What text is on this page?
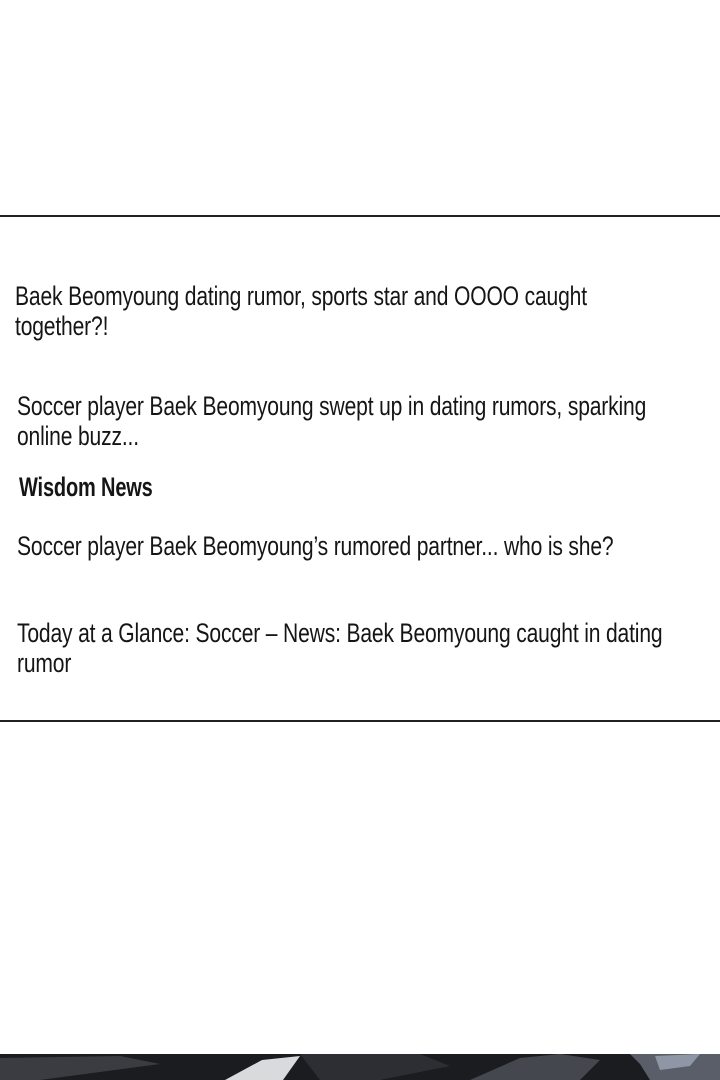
Baek Beomyoung dating rumor, sports star and OOOO caught together?!

Soccer player Baek Beomyoung swept up in dating rumors, sparking online buzz...

Wisdom News

Soccer player Baek Beomyoung’s rumored partner... who is she?

Today at a Glance: Soccer – News: Baek Beomyoung caught in dating rumor
